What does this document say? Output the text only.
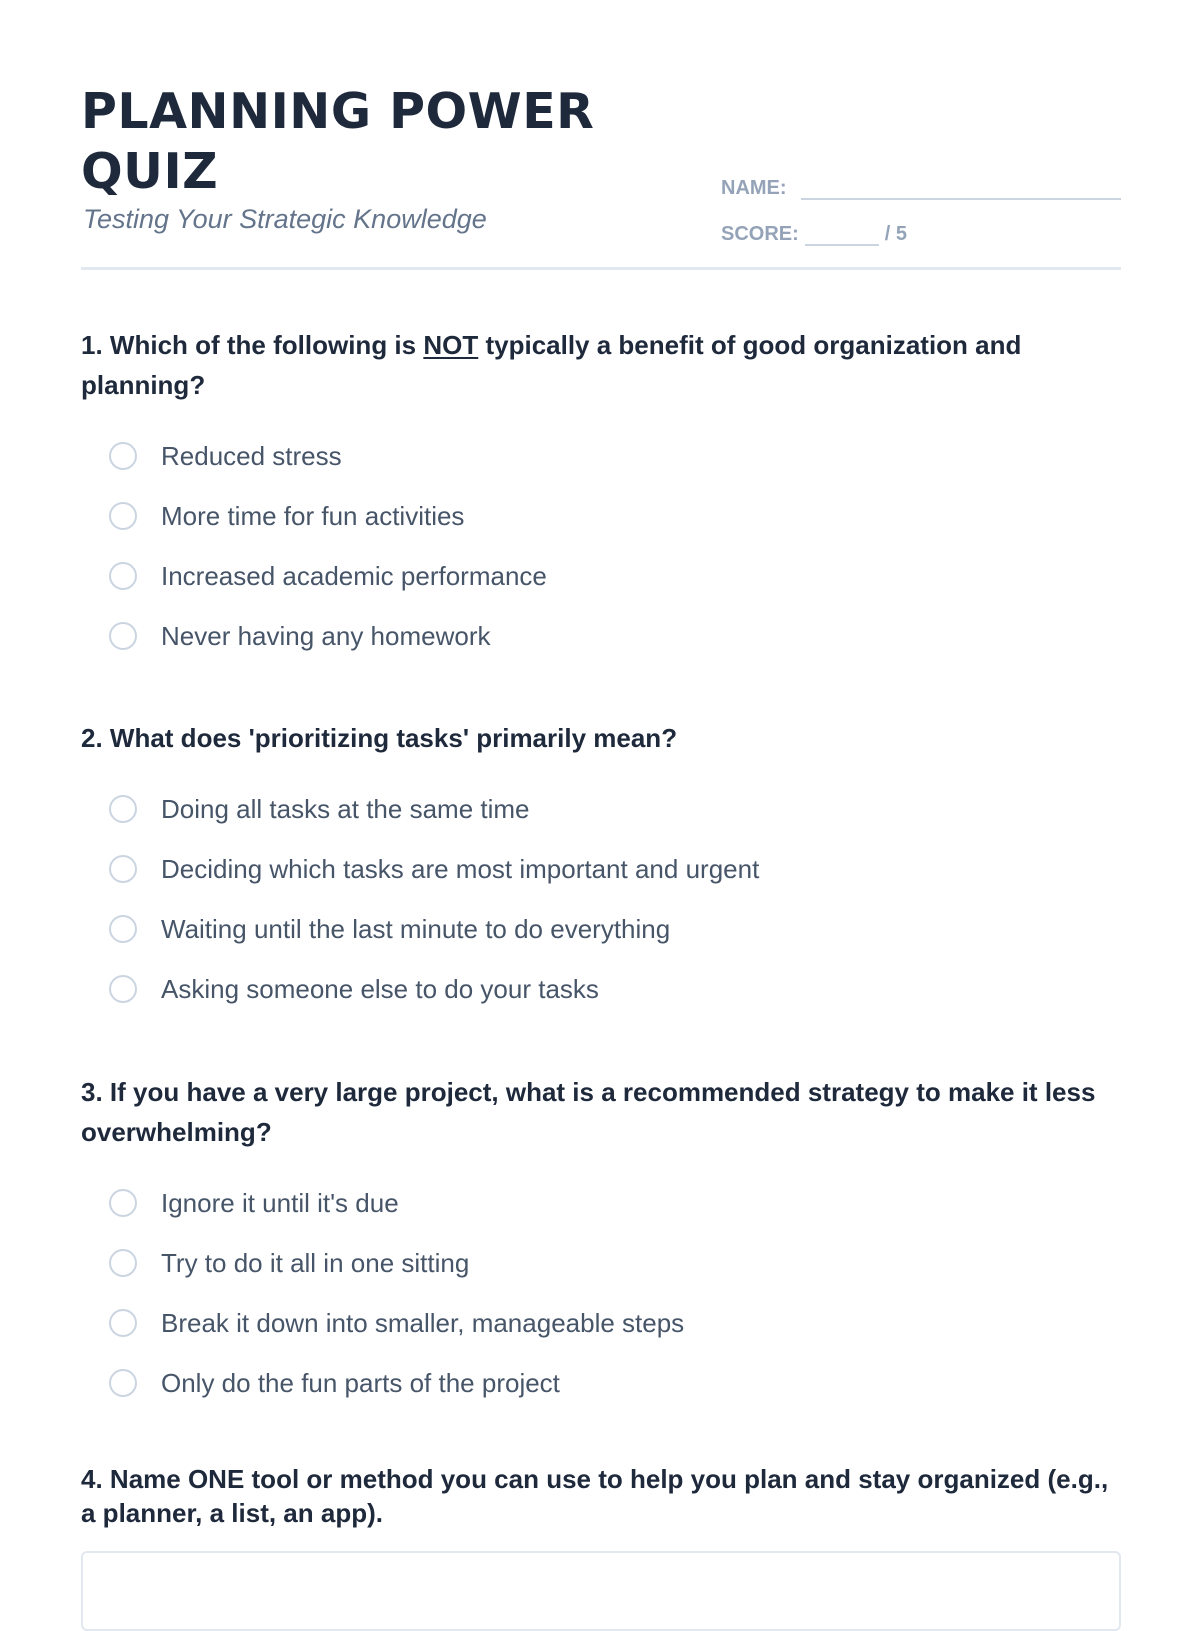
PLANNING POWER QUIZ

Testing Your Strategic Knowledge

NAME:
SCORE:	/ 5

1. Which of the following is NOT typically a benefit of good organization and planning?

Reduced stress
More time for fun activities
Increased academic performance
Never having any homework

2. What does 'prioritizing tasks' primarily mean?

Doing all tasks at the same time
Deciding which tasks are most important and urgent
Waiting until the last minute to do everything
Asking someone else to do your tasks

3. If you have a very large project, what is a recommended strategy to make it less overwhelming?

Ignore it until it's due
Try to do it all in one sitting
Break it down into smaller, manageable steps
Only do the fun parts of the project

4. Name ONE tool or method you can use to help you plan and stay organized (e.g., a planner, a list, an app).
